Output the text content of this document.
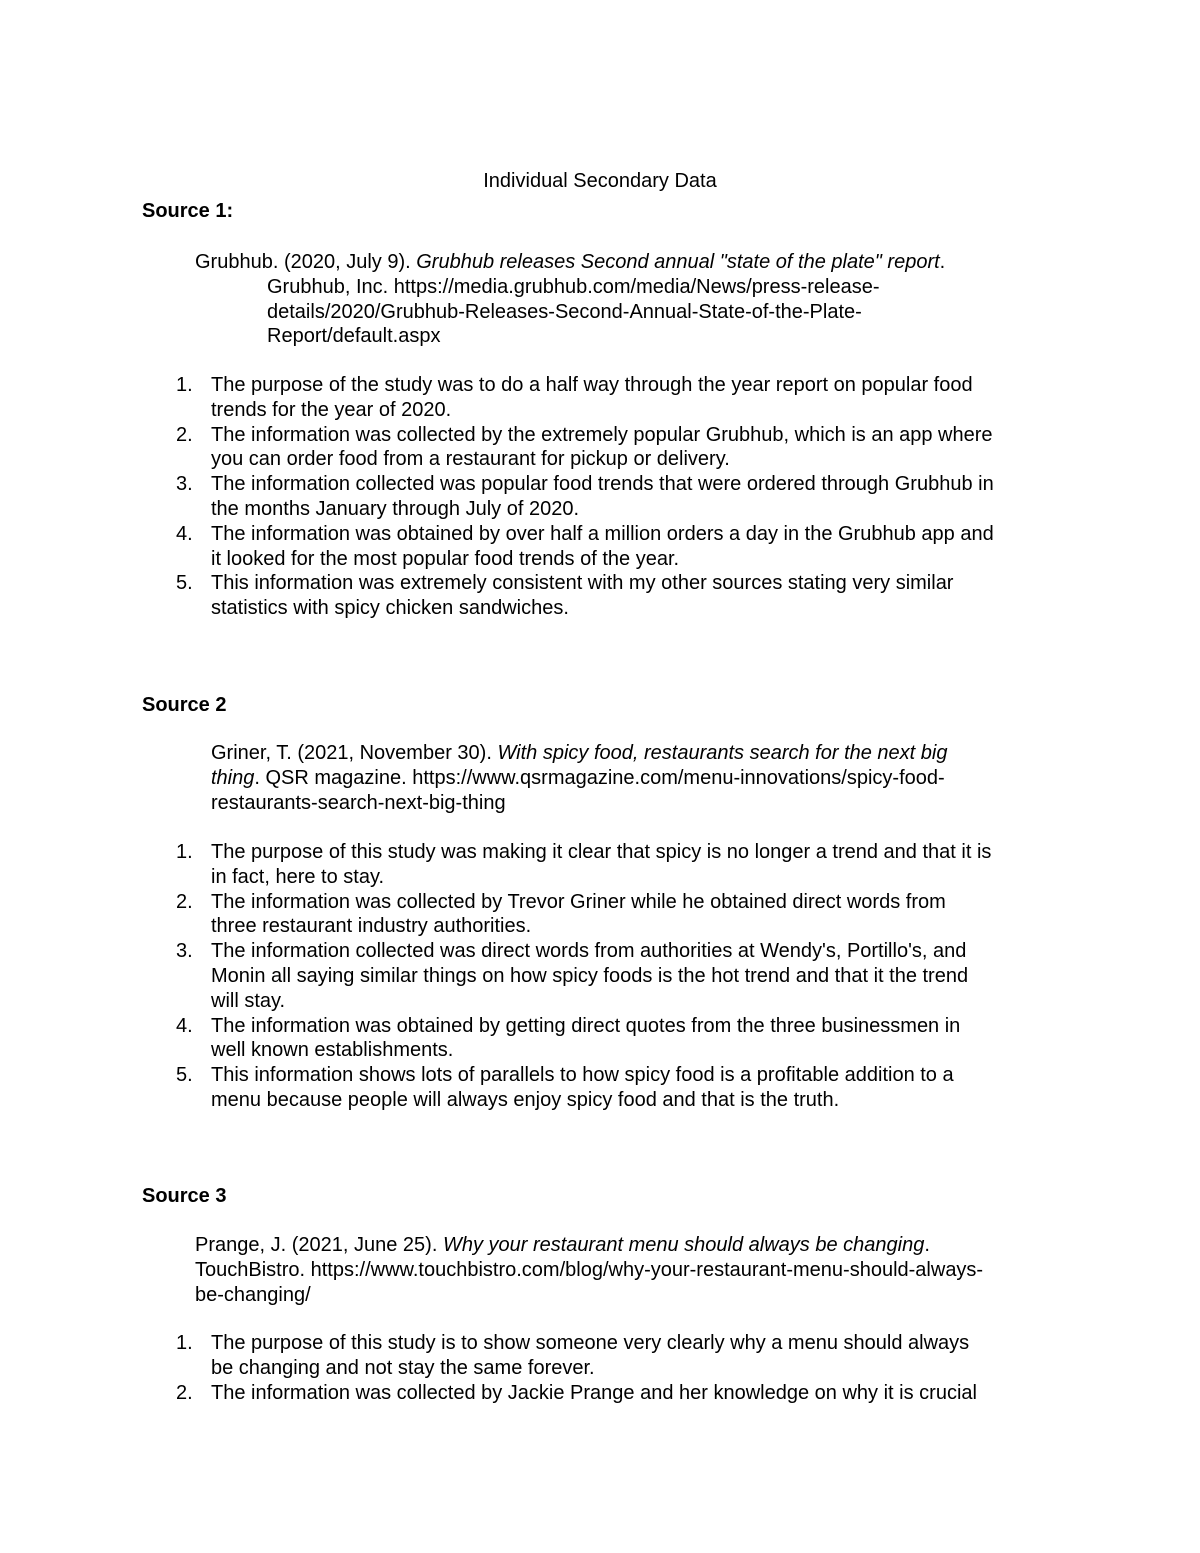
Individual Secondary Data
Source 1:
Grubhub. (2020, July 9). Grubhub releases Second annual "state of the plate" report.
Grubhub, Inc. https://media.grubhub.com/media/News/press-release-
details/2020/Grubhub-Releases-Second-Annual-State-of-the-Plate-
Report/default.aspx
1. The purpose of the study was to do a half way through the year report on popular food
trends for the year of 2020.
2. The information was collected by the extremely popular Grubhub, which is an app where
you can order food from a restaurant for pickup or delivery.
3. The information collected was popular food trends that were ordered through Grubhub in
the months January through July of 2020.
4. The information was obtained by over half a million orders a day in the Grubhub app and
it looked for the most popular food trends of the year.
5. This information was extremely consistent with my other sources stating very similar
statistics with spicy chicken sandwiches.
Source 2
Griner, T. (2021, November 30). With spicy food, restaurants search for the next big
thing. QSR magazine. https://www.qsrmagazine.com/menu-innovations/spicy-food-
restaurants-search-next-big-thing
1. The purpose of this study was making it clear that spicy is no longer a trend and that it is
in fact, here to stay.
2. The information was collected by Trevor Griner while he obtained direct words from
three restaurant industry authorities.
3. The information collected was direct words from authorities at Wendy's, Portillo's, and
Monin all saying similar things on how spicy foods is the hot trend and that it the trend
will stay.
4. The information was obtained by getting direct quotes from the three businessmen in
well known establishments.
5. This information shows lots of parallels to how spicy food is a profitable addition to a
menu because people will always enjoy spicy food and that is the truth.
Source 3
Prange, J. (2021, June 25). Why your restaurant menu should always be changing.
TouchBistro. https://www.touchbistro.com/blog/why-your-restaurant-menu-should-always-
be-changing/
1. The purpose of this study is to show someone very clearly why a menu should always
be changing and not stay the same forever.
2. The information was collected by Jackie Prange and her knowledge on why it is crucial
